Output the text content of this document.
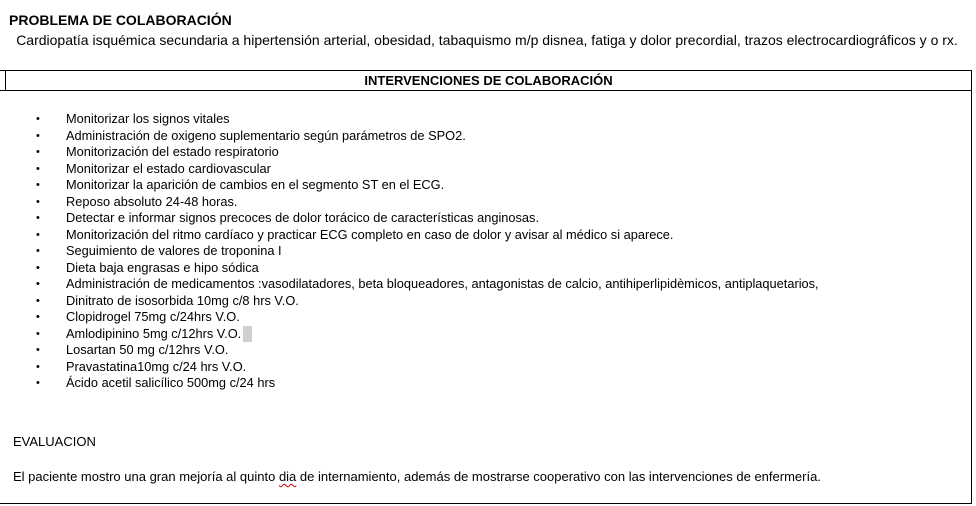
PROBLEMA DE COLABORACIÓN

Cardiopatía isquémica secundaria a hipertensión arterial, obesidad, tabaquismo m/p disnea, fatiga y dolor precordial, trazos electrocardiográficos y o rx.

INTERVENCIONES DE COLABORACIÓN
• Monitorizar los signos vitales
• Administración de oxigeno suplementario según parámetros de SPO2.
• Monitorización del estado respiratorio
• Monitorizar el estado cardiovascular
• Monitorizar la aparición de cambios en el segmento ST en el ECG.
• Reposo absoluto 24-48 horas.
• Detectar e informar signos precoces de dolor torácico de características anginosas.
• Monitorización del ritmo cardíaco y practicar ECG completo en caso de dolor y avisar al médico si aparece.
• Seguimiento de valores de troponina I
• Dieta baja engrasas e hipo sódica
• Administración de medicamentos :vasodilatadores, beta bloqueadores, antagonistas de calcio, antihiperlipidèmicos, antiplaquetarios,
• Dinitrato de isosorbida 10mg c/8 hrs V.O.
• Clopidrogel 75mg c/24hrs V.O.
• Amlodipinino 5mg c/12hrs V.O.
• Losartan 50 mg c/12hrs V.O.
• Pravastatina10mg c/24 hrs V.O.
• Ácido acetil salicílico 500mg c/24 hrs

EVALUACION

El paciente mostro una gran mejoría al quinto dia de internamiento, además de mostrarse cooperativo con las intervenciones de enfermería.
